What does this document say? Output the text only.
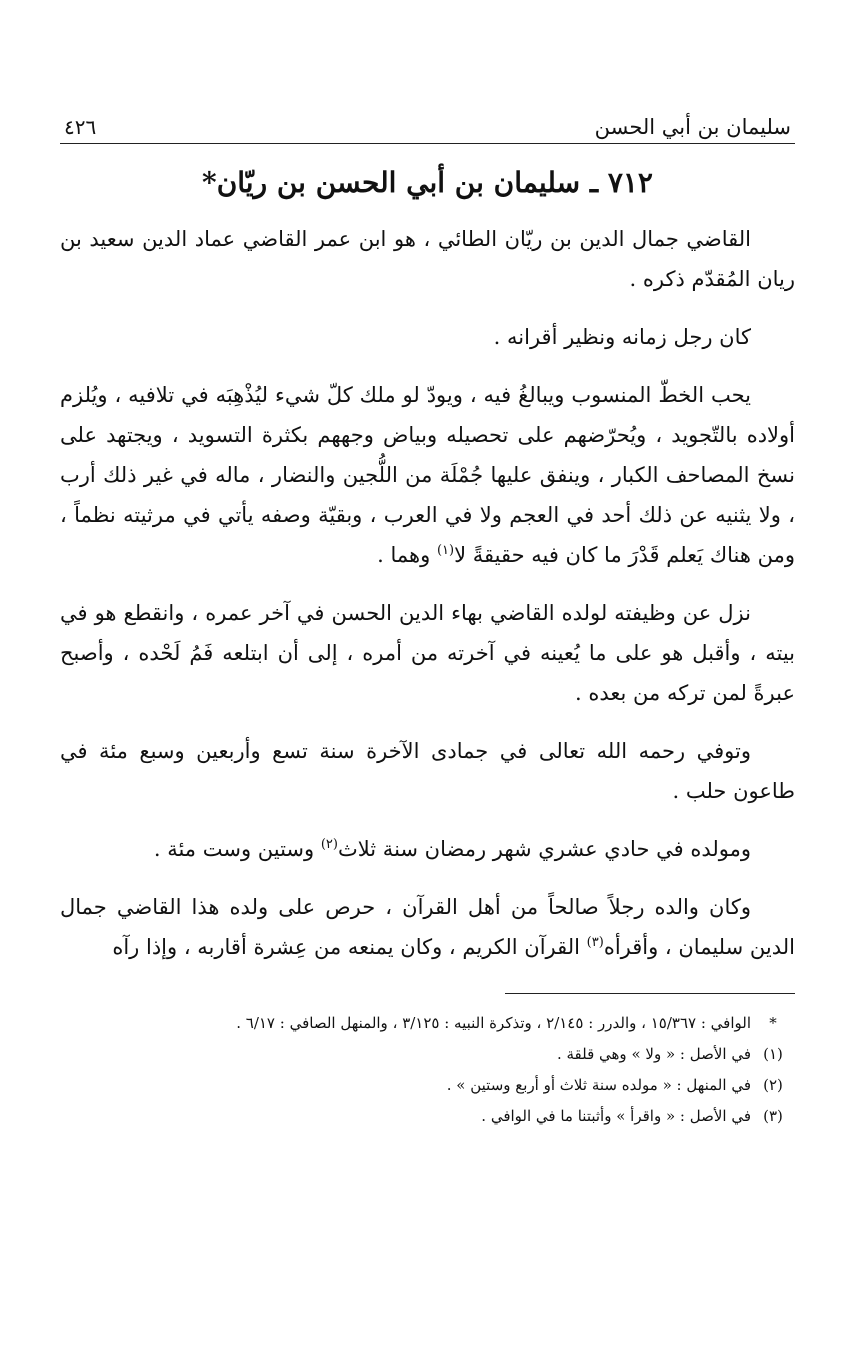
سليمان بن أبي الحسن
٤٢٦
٧١٢ ـ سليمان بن أبي الحسن بن ريّان*

القاضي جمال الدين بن ريّان الطائي ، هو ابن عمر القاضي عماد الدين سعيد بن ريان المُقدّم ذكره .

كان رجل زمانه ونظير أقرانه .

يحب الخطّ المنسوب ويبالغُ فيه ، ويودّ لو ملك كلّ شيء ليُذْهِبَه في تلافيه ، ويُلزم أولاده بالتّجويد ، ويُحرّضهم على تحصيله وبياض وجههم بكثرة التسويد ، ويجتهد على نسخ المصاحف الكبار ، وينفق عليها جُمْلَة من اللُّجين والنضار ، ماله في غير ذلك أرب ، ولا يثنيه عن ذلك أحد في العجم ولا في العرب ، وبقيّة وصفه يأتي في مرثيته نظماً ، ومن هناك يَعلم قَدْرَ ما كان فيه حقيقةً لا$^{(١)}$ وهما .

نزل عن وظيفته لولده القاضي بهاء الدين الحسن في آخر عمره ، وانقطع هو في بيته ، وأقبل هو على ما يُعينه في آخرته من أمره ، إلى أن ابتلعه فَمُ لَحْده ، وأصبح عبرةً لمن تركه من بعده .

وتوفي رحمه الله تعالى في جمادى الآخرة سنة تسع وأربعين وسبع مئة في طاعون حلب .

ومولده في حادي عشري شهر رمضان سنة ثلاث$^{(٢)}$ وستين وست مئة .

وكان والده رجلاً صالحاً من أهل القرآن ، حرص على ولده هذا القاضي جمال الدين سليمان ، وأقرأه$^{(٣)}$ القرآن الكريم ، وكان يمنعه من عِشرة أقاربه ، وإذا رآه

*
الوافي : ١٥/٣٦٧ ، والدرر : ٢/١٤٥ ، وتذكرة النبيه : ٣/١٢٥ ، والمنهل الصافي : ٦/١٧ .
(١)
في الأصل : « ولا » وهي قلقة .
(٢)
في المنهل : « مولده سنة ثلاث أو أربع وستين » .
(٣)
في الأصل : « واقرأ » وأثبتنا ما في الوافي .
